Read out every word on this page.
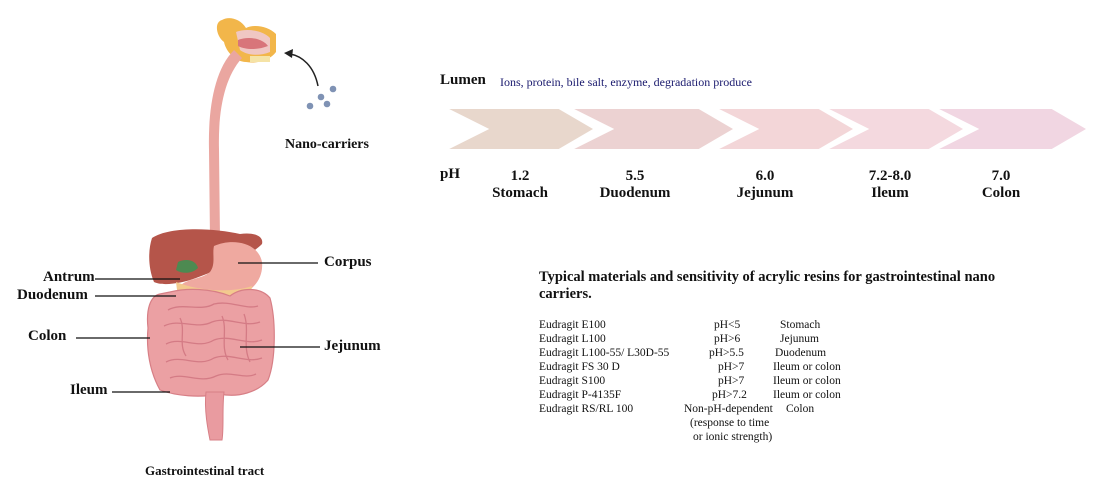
Antrum
Duodenum
Colon
Ileum
Corpus
Jejunum
Nano-carriers
Gastrointestinal tract
Lumen Ions, protein, bile salt, enzyme, degradation produce
pH	1.2
Stomach
5.5
Duodenum
6.0
Jejunum
7.2-8.0
Ileum
7.0
Colon
Typical materials and sensitivity of acrylic resins for gastrointestinal nano carriers.
Eudragit E100	pH<5	Stomach
Eudragit L100	pH>6	Jejunum
Eudragit L100-55/ L30D-55	pH>5.5	Duodenum
Eudragit FS 30 D	pH>7 Ileum or colon
Eudragit S100	pH>7 Ileum or colon
Eudragit P-4135F	pH>7.2 Ileum or colon
Eudragit RS/RL 100	Non-pH-dependent Colon
(response to time
or ionic strength)
